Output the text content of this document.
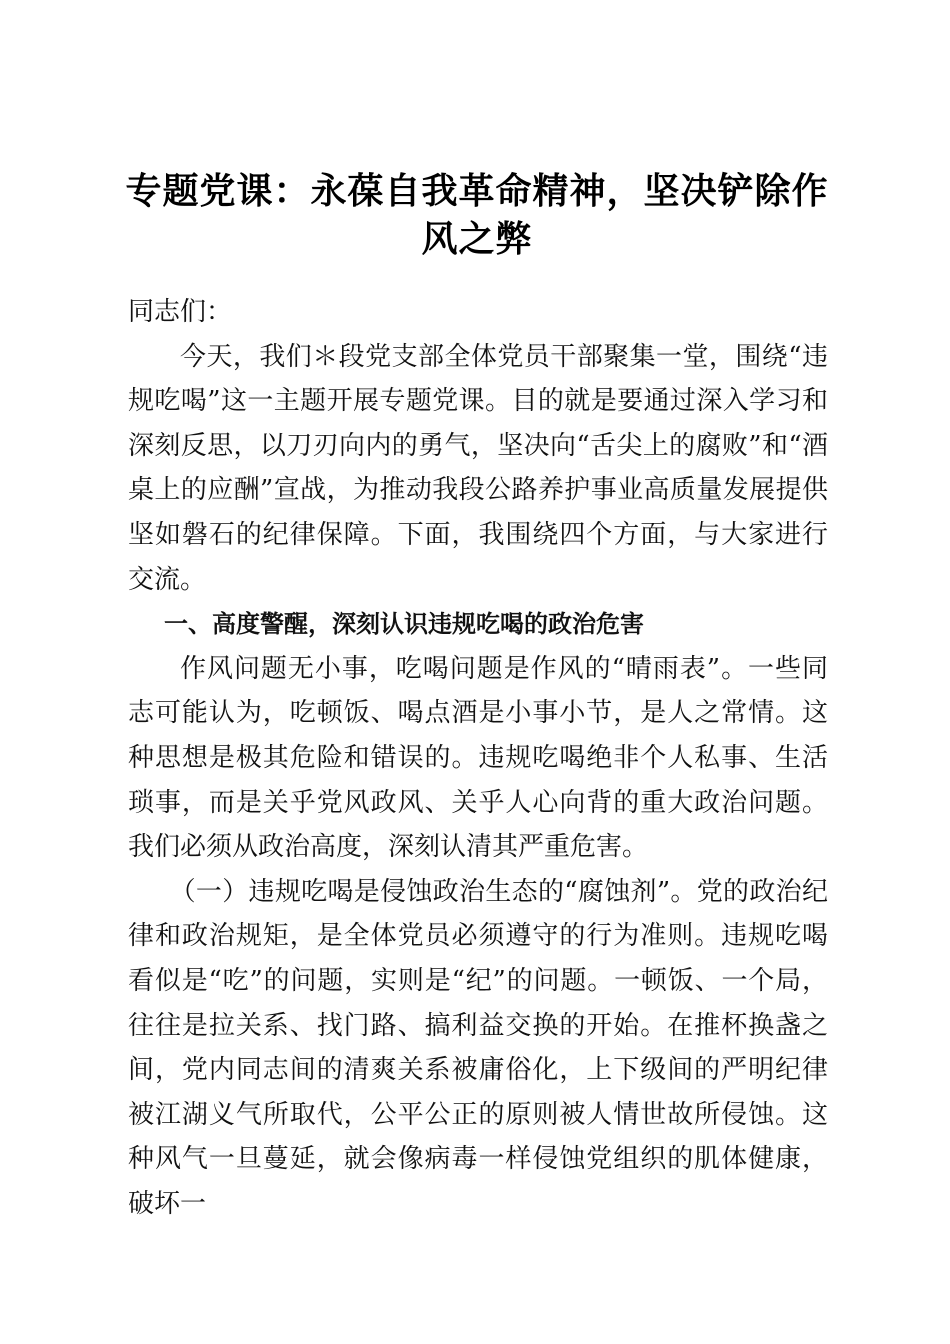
专题党课：永葆自我革命精神，坚决铲除作风之弊

同志们：

今天，我们＊段党支部全体党员干部聚集一堂，围绕“违规吃喝”这一主题开展专题党课。目的就是要通过深入学习和深刻反思，以刀刃向内的勇气，坚决向“舌尖上的腐败”和“酒桌上的应酬”宣战，为推动我段公路养护事业高质量发展提供坚如磐石的纪律保障。下面，我围绕四个方面，与大家进行交流。

一、高度警醒，深刻认识违规吃喝的政治危害

作风问题无小事，吃喝问题是作风的“晴雨表”。一些同志可能认为，吃顿饭、喝点酒是小事小节，是人之常情。这种思想是极其危险和错误的。违规吃喝绝非个人私事、生活琐事，而是关乎党风政风、关乎人心向背的重大政治问题。我们必须从政治高度，深刻认清其严重危害。

（一）违规吃喝是侵蚀政治生态的“腐蚀剂”。党的政治纪律和政治规矩，是全体党员必须遵守的行为准则。违规吃喝看似是“吃”的问题，实则是“纪”的问题。一顿饭、一个局，往往是拉关系、找门路、搞利益交换的开始。在推杯换盏之间，党内同志间的清爽关系被庸俗化，上下级间的严明纪律被江湖义气所取代，公平公正的原则被人情世故所侵蚀。这种风气一旦蔓延，就会像病毒一样侵蚀党组织的肌体健康，破坏一
